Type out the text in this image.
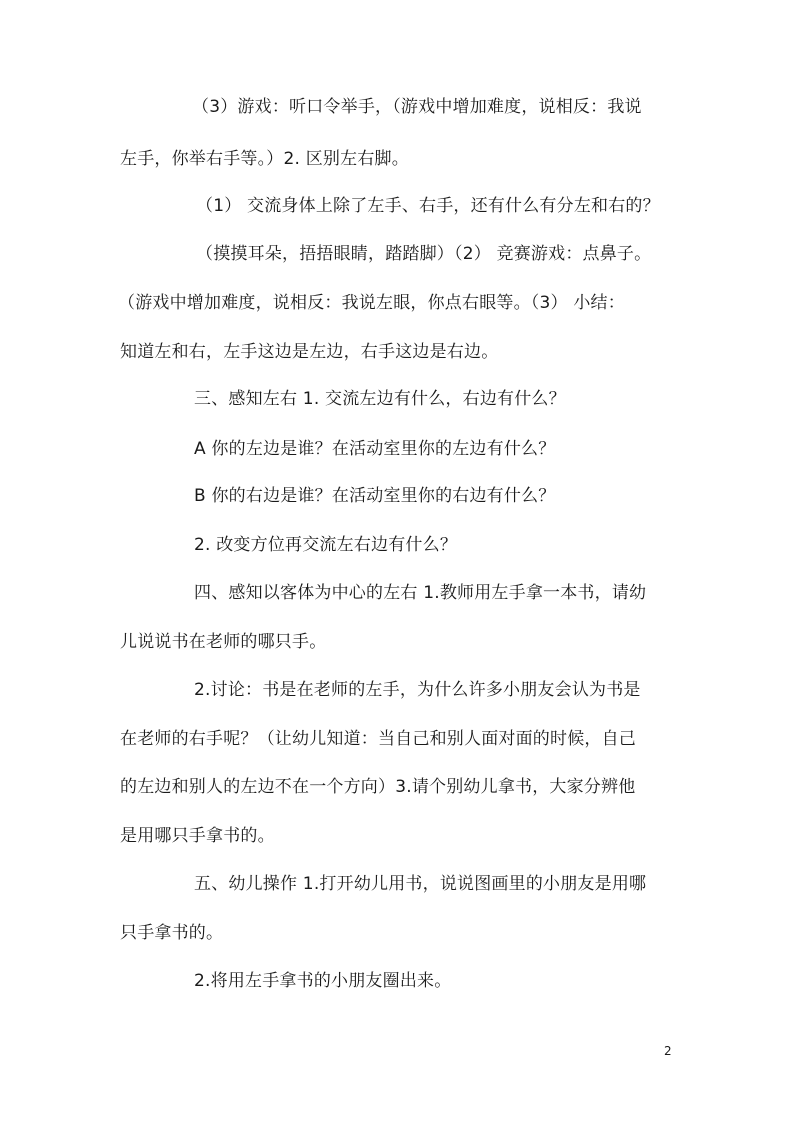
（3）游戏：听口令举手，（游戏中增加难度，说相反：我说
左手，你举右手等。）2. 区别左右脚。
（1） 交流身体上除了左手、右手，还有什么有分左和右的？
（摸摸耳朵，捂捂眼睛，踏踏脚）（2） 竞赛游戏：点鼻子。
（游戏中增加难度，说相反：我说左眼，你点右眼等。（3） 小结：
知道左和右，左手这边是左边，右手这边是右边。
三、感知左右 1. 交流左边有什么，右边有什么？
A 你的左边是谁？在活动室里你的左边有什么？
B 你的右边是谁？在活动室里你的右边有什么？
2. 改变方位再交流左右边有什么？
四、感知以客体为中心的左右 1.教师用左手拿一本书，请幼
儿说说书在老师的哪只手。
2.讨论：书是在老师的左手，为什么许多小朋友会认为书是
在老师的右手呢？（让幼儿知道：当自己和别人面对面的时候，自己
的左边和别人的左边不在一个方向）3.请个别幼儿拿书，大家分辨他
是用哪只手拿书的。
五、幼儿操作 1.打开幼儿用书，说说图画里的小朋友是用哪
只手拿书的。
2.将用左手拿书的小朋友圈出来。
2
